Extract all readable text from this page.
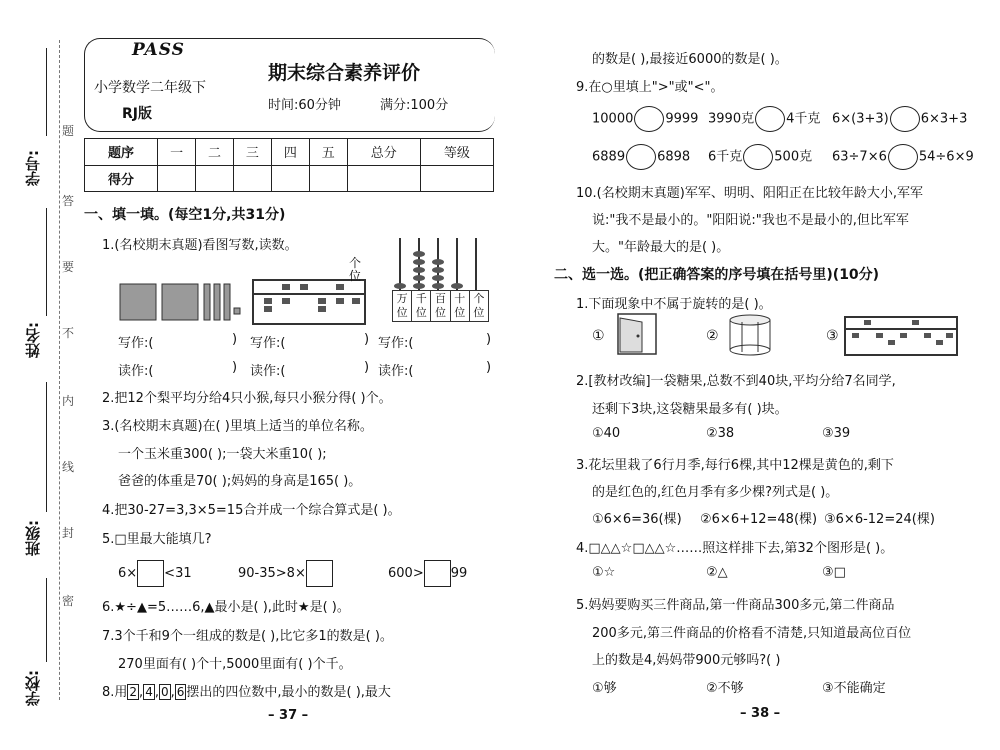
学号:
姓名:
班级:
学校:
题
答
要
不
内
线
封
密
PASS
小学数学二年级下
RJ版
期末综合素养评价
时间:60分钟	满分:100分
题序	一	二	三	四	五	总分	等级
得分							
一、填一填。(每空1分,共31分)
1.(名校期末真题)看图写数,读数。
个
位
万位
千位
百位
十位
个位
写作:(	) 写作:(	) 写作:(	)
读作:(	) 读作:(	) 读作:(	)
2.把12个梨平均分给4只小猴,每只小猴分得( )个。
3.(名校期末真题)在( )里填上适当的单位名称。
一个玉米重300( );一袋大米重10( );
爸爸的体重是70( );妈妈的身高是165( )。
4.把30-27=3,3×5=15合并成一个综合算式是( )。
5.□里最大能填几?
6× <31	90-35>8×	600> 99
6.★÷▲=5……6,▲最小是( ),此时★是( )。
7.3个千和9个一组成的数是( ),比它多1的数是( )。
270里面有( )个十,5000里面有( )个千。
8.用 2 , 4 , 0 , 6 摆出的四位数中,最小的数是( ),最大
– 37 –
的数是( ),最接近6000的数是( )。
9.在○里填上">"或"<"。
10000 9999 3990克 4千克 6×(3+3) 6×3+3
6889 6898 6千克 500克 63÷7×6 54÷6×9
10.(名校期末真题)军军、明明、阳阳正在比较年龄大小,军军
说:"我不是最小的。"阳阳说:"我也不是最小的,但比军军
大。"年龄最大的是( )。
二、选一选。(把正确答案的序号填在括号里)(10分)
1.下面现象中不属于旋转的是( )。
①	②	③
2.[教材改编]一袋糖果,总数不到40块,平均分给7名同学,
还剩下3块,这袋糖果最多有( )块。
①40	②38	③39
3.花坛里栽了6行月季,每行6棵,其中12棵是黄色的,剩下
的是红色的,红色月季有多少棵?列式是( )。
①6×6=36(棵) ②6×6+12=48(棵) ③6×6-12=24(棵)
4.□△△☆□△△☆……照这样排下去,第32个图形是( )。
①☆	②△	③□
5.妈妈要购买三件商品,第一件商品300多元,第二件商品
200多元,第三件商品的价格看不清楚,只知道最高位百位
上的数是4,妈妈带900元够吗?( )
①够	②不够	③不能确定
– 38 –
